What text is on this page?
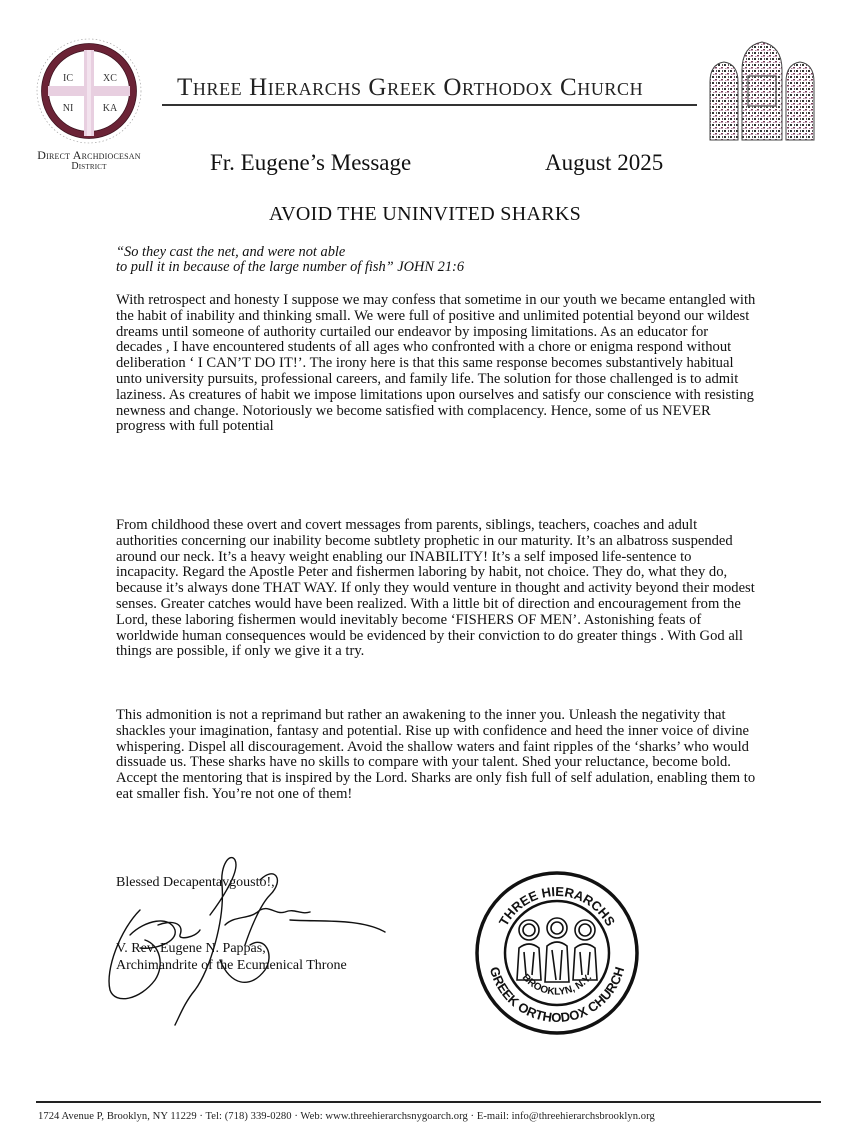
IC	XC
NI	KA
Direct Archdiocesan
District
Three Hierarchs Greek Orthodox Church
Fr. Eugene’s Message	August 2025
AVOID THE UNINVITED SHARKS
“So they cast the net, and were not able
to pull it in because of the large number of fish” JOHN 21:6
With retrospect and honesty I suppose we may confess that sometime in our youth we became entangled with the habit of inability and thinking small. We were full of positive and unlimited potential beyond our wildest dreams until someone of authority curtailed our endeavor by imposing limitations. As an educator for decades , I have encountered students of all ages who confronted with a chore or enigma respond without deliberation ‘ I CAN’T DO IT!’. The irony here is that this same response becomes substantively habitual unto university pursuits, professional careers, and family life. The solution for those challenged is to admit laziness. As creatures of habit we impose limitations upon ourselves and satisfy our conscience with resisting newness and change. Notoriously we become satisfied with complacency. Hence, some of us NEVER progress with full potential
From childhood these overt and covert messages from parents, siblings, teachers, coaches and adult authorities concerning our inability become subtlety prophetic in our maturity. It’s an albatross suspended around our neck. It’s a heavy weight enabling our INABILITY! It’s a self imposed life-sentence to incapacity. Regard the Apostle Peter and fishermen laboring by habit, not choice. They do, what they do, because it’s always done THAT WAY. If only they would venture in thought and activity beyond their modest senses. Greater catches would have been realized. With a little bit of direction and encouragement from the Lord, these laboring fishermen would inevitably become ‘FISHERS OF MEN’. Astonishing feats of worldwide human consequences would be evidenced by their conviction to do greater things . With God all things are possible, if only we give it a try.
This admonition is not a reprimand but rather an awakening to the inner you. Unleash the negativity that shackles your imagination, fantasy and potential. Rise up with confidence and heed the inner voice of divine whispering. Dispel all discouragement. Avoid the shallow waters and faint ripples of the ‘sharks’ who would dissuade us. These sharks have no skills to compare with your talent. Shed your reluctance, become bold. Accept the mentoring that is inspired by the Lord. Sharks are only fish full of self adulation, enabling them to eat smaller fish. You’re not one of them!
Blessed Decapentavgousto!,
V. Rev. Eugene N. Pappas,
Archimandrite of the Ecumenical Throne
THREE HIERARCHS
GREEK ORTHODOX CHURCH
BROOKLYN, N.Y.
1724 Avenue P, Brooklyn, NY 11229 · Tel: (718) 339-0280 · Web: www.threehierarchsnygoarch.org · E-mail: info@threehierarchsbrooklyn.org
